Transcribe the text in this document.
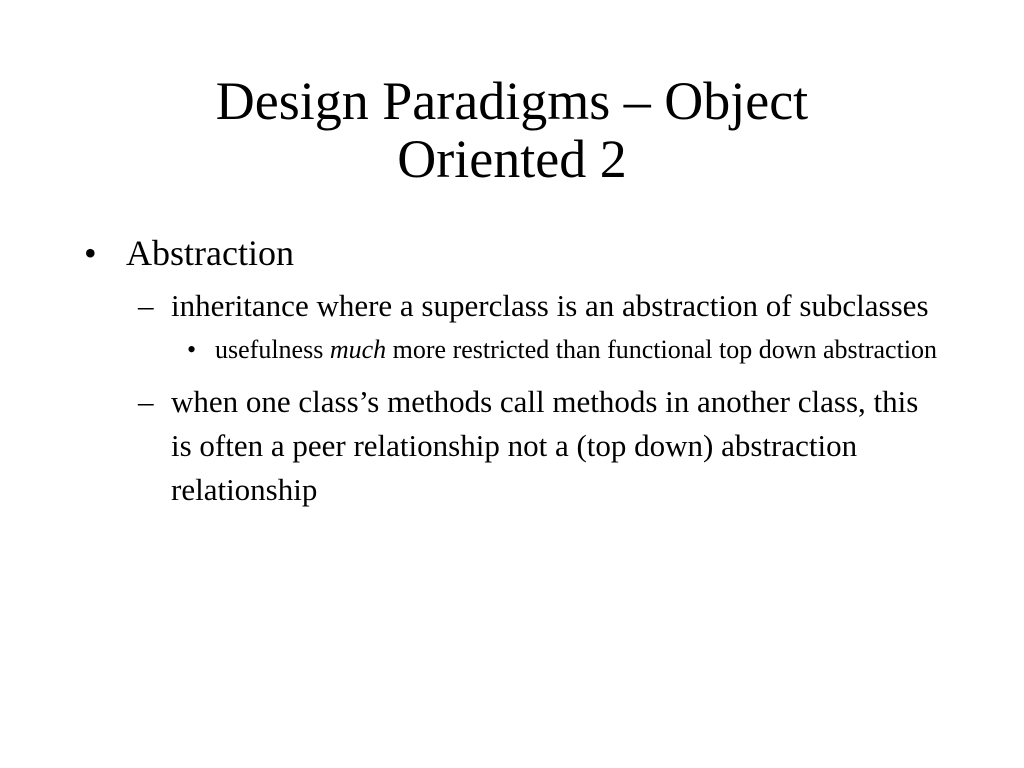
Design Paradigms – Object
Oriented 2
• Abstraction
– inheritance where a superclass is an abstraction of subclasses
• usefulness much more restricted than functional top down abstraction
– when one class’s methods call methods in another class, this is often a peer relationship not a (top down) abstraction relationship
